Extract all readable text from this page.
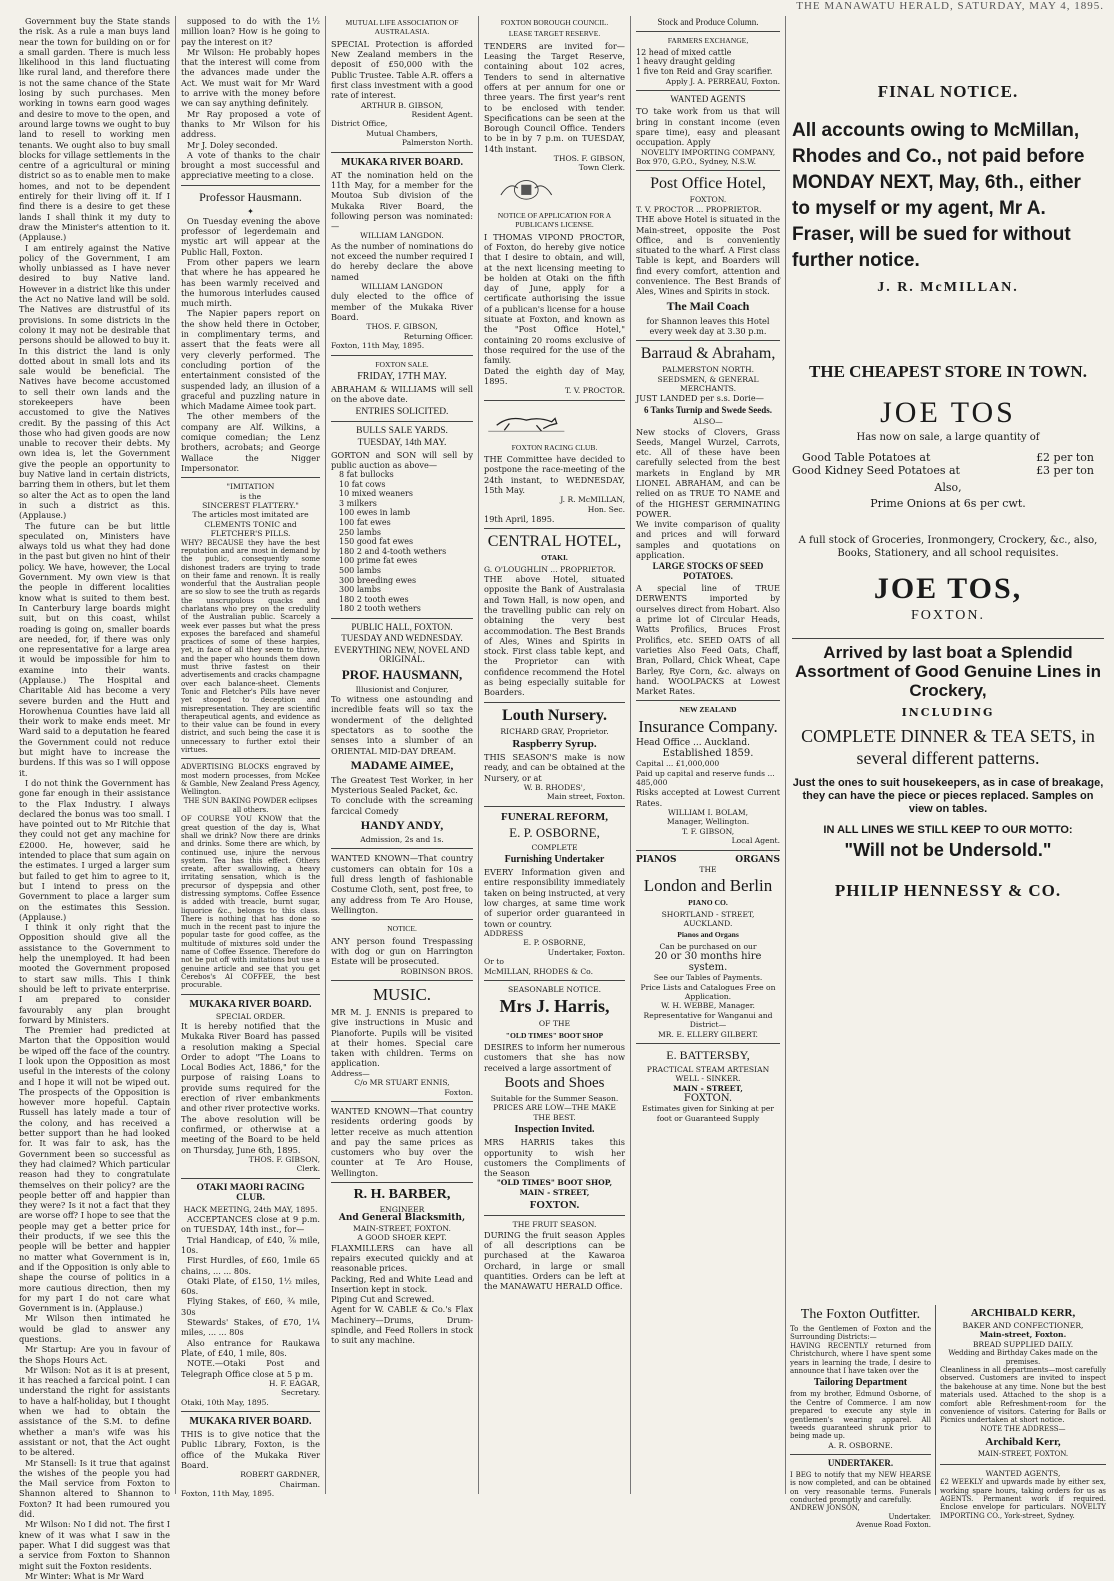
THE MANAWATU HERALD, SATURDAY, MAY 4, 1895.

Government buy the State stands the risk. As a rule a man buys land near the town for building on or for a small garden. There is much less likelihood in this land fluctuating like rural land, and therefore there is not the same chance of the State losing by such purchases. Men working in towns earn good wages and desire to move to the open, and around large towns we ought to buy land to resell to working men tenants. We ought also to buy small blocks for village settlements in the centre of a agricultural or mining district so as to enable men to make homes, and not to be dependent entirely for their living off it. If I find there is a desire to get these lands I shall think it my duty to draw the Minister's attention to it. (Applause.)

I am entirely against the Native policy of the Government, I am wholly unbiassed as I have never desired to buy Native land. However in a district like this under the Act no Native land will be sold. The Natives are distrustful of its provisions. In some districts in the colony it may not be desirable that persons should be allowed to buy it. In this district the land is only dotted about in small lots and its sale would be beneficial. The Natives have become accustomed to sell their own lands and the storekeepers have been accustomed to give the Natives credit. By the passing of this Act those who had given goods are now unable to recover their debts. My own idea is, let the Government give the people an opportunity to buy Native land in certain districts, barring them in others, but let them so alter the Act as to open the land in such a district as this. (Applause.)

The future can be but little speculated on, Ministers have always told us what they had done in the past but given no hint of their policy. We have, however, the Local Government. My own view is that the people in different localities know what is suited to them best. In Canterbury large boards might suit, but on this coast, whilst roading is going on, smaller boards are needed, for, if there was only one representative for a large area it would be impossible for him to examine into their wants. (Applause.) The Hospital and Charitable Aid has become a very severe burden and the Hutt and Horowhenua Counties have laid all their work to make ends meet. Mr Ward said to a deputation he feared the Government could not reduce but might have to increase the burdens. If this was so I will oppose it.

I do not think the Government has gone far enough in their assistance to the Flax Industry. I always declared the bonus was too small. I have pointed out to Mr Ritchie that they could not get any machine for £2000. He, however, said he intended to place that sum again on the estimates. I urged a larger sum but failed to get him to agree to it, but I intend to press on the Government to place a larger sum on the estimates this Session. (Applause.)

I think it only right that the Opposition should give all the assistance to the Government to help the unemployed. It had been mooted the Government proposed to start saw mills. This I think should be left to private enterprise. I am prepared to consider favourably any plan brought forward by Ministers.

The Premier had predicted at Marton that the Opposition would be wiped off the face of the country. I look upon the Opposition as most useful in the interests of the colony and I hope it will not be wiped out. The prospects of the Opposition is however more hopeful. Captain Russell has lately made a tour of the colony, and has received a better support than he had looked for. It was fair to ask, has the Government been so successful as they had claimed? Which particular reason had they to congratulate themselves on their policy? are the people better off and happier than they were? Is it not a fact that they are worse off? I hope to see that the people may get a better price for their products, if we see this the people will be better and happier no matter what Government is in, and if the Opposition is only able to shape the course of politics in a more cautious direction, then my for my part I do not care what Government is in. (Applause.)

Mr Wilson then intimated he would be glad to answer any questions.

Mr Startup: Are you in favour of the Shops Hours Act.

Mr Wilson: Not as it is at present, it has reached a farcical point. I can understand the right for assistants to have a half-holiday, but I thought when we had to obtain the assistance of the S.M. to define whether a man's wife was his assistant or not, that the Act ought to be altered.

Mr Stansell: Is it true that against the wishes of the people you had the Mail service from Foxton to Shannon altered to Shannon to Foxton? It had been rumoured you did.

Mr Wilson: No I did not. The first I knew of it was what I saw in the paper. What I did suggest was that a service from Foxton to Shannon might suit the Foxton residents.

Mr Winter: What is Mr Ward

supposed to do with the 1½ million loan? How is he going to pay the interest on it?

Mr Wilson: He probably hopes that the interest will come from the advances made under the Act. We must wait for Mr Ward to arrive with the money before we can say anything definitely.

Mr Ray proposed a vote of thanks to Mr Wilson for his address.

Mr J. Doley seconded.

A vote of thanks to the chair brought a most successful and appreciative meeting to a close.

Professor Hausmann.
✦

On Tuesday evening the above professor of legerdemain and mystic art will appear at the Public Hall, Foxton.

From other papers we learn that where he has appeared he has been warmly received and the humorous interludes caused much mirth.

The Napier papers report on the show held there in October, in complimentary terms, and assert that the feats were all very cleverly performed. The concluding portion of the entertainment consisted of the suspended lady, an illusion of a graceful and puzzling nature in which Madame Aimee took part.

The other members of the company are Alf. Wilkins, a comique comedian; the Lenz brothers, acrobats; and George Wallace the Nigger Impersonator.

"IMITATION
is the
SINCEREST FLATTERY."
The articles most imitated are
CLEMENTS TONIC and
FLETCHER'S PILLS.
WHY? BECAUSE they have the best reputation and are most in demand by the public, consequently some dishonest traders are trying to trade on their fame and renown. It is really wonderful that the Australian people are so slow to see the truth as regards the unscrupulous quacks and charlatans who prey on the credulity of the Australian public. Scarcely a week ever passes but what the press exposes the barefaced and shameful practices of some of these harpies, yet, in face of all they seem to thrive, and the paper who hounds them down must thrive fastest on their advertisements and cracks champagne over each balance-sheet. Clements Tonic and Fletcher's Pills have never yet stooped to deception and misrepresentation. They are scientific therapeutical agents, and evidence as to their value can be found in every district, and such being the case it is unnecessary to further extol their virtues.
ADVERTISING BLOCKS engraved by most modern processes, from McKee & Gamble, New Zealand Press Agency, Wellington.
THE SUN BAKING POWDER eclipses all others.
OF COURSE YOU KNOW that the great question of the day is, What shall we drink? Now there are drinks and drinks. Some there are which, by continued use, injure the nervous system. Tea has this effect. Others create, after swallowing, a heavy irritating sensation, which is the precursor of dyspepsia and other distressing symptoms. Coffee Essence is added with treacle, burnt sugar, liquorice &c., belongs to this class. There is nothing that has done so much in the recent past to injure the popular taste for good coffee, as the multitude of mixtures sold under the name of Coffee Essence. Therefore do not be put off with imitations but use a genuine article and see that you get Cerebos's AI COFFEE, the best procurable.
MUKAKA RIVER BOARD.
SPECIAL ORDER.
It is hereby notified that the Mukaka River Board has passed a resolution making a Special Order to adopt "The Loans to Local Bodies Act, 1886," for the purpose of raising Loans to provide sums required for the erection of river embankments and other river protective works. The above resolution will be confirmed, or otherwise at a meeting of the Board to be held on Thursday, June 6th, 1895.
THOS. F. GIBSON,
Clerk.
OTAKI MAORI RACING CLUB.
HACK MEETING, 24th MAY, 1895.

ACCEPTANCES close at 9 p.m. on TUESDAY, 14th inst., for—

Trial Handicap, of £40, ⅞ mile, 10s.

First Hurdles, of £60, 1mile 65 chains, ... ... 80s.

Otaki Plate, of £150, 1½ miles, 60s.

Flying Stakes, of £60, ¾ mile, 30s

Stewards' Stakes, of £70, 1¼ miles, ... ... 80s

Also entrance for Raukawa Plate, of £40, 1 mile, 80s.

NOTE.—Otaki Post and Telegraph Office close at 5 p m.

H. F. EAGAR,
Secretary.
Otaki, 10th May, 1895.
MUKAKA RIVER BOARD.
THIS is to give notice that the Public Library, Foxton, is the office of the Mukaka River Board.
ROBERT GARDNER,
Chairman.
Foxton, 11th May, 1895.
MUTUAL LIFE ASSOCIATION OF AUSTRALASIA.
SPECIAL Protection is afforded New Zealand members in the deposit of £50,000 with the Public Trustee. Table A.R. offers a first class investment with a good rate of interest.
ARTHUR B. GIBSON,
Resident Agent.
District Office,
Mutual Chambers,
Palmerston North.
MUKAKA RIVER BOARD.
AT the nomination held on the 11th May, for a member for the Moutoa Sub division of the Mukaka River Board, the following person was nominated:—
WILLIAM LANGDON.
As the number of nominations do not exceed the number required I do hereby declare the above named
WILLIAM LANGDON
duly elected to the office of member of the Mukaka River Board.
THOS. F. GIBSON,
Returning Officer.
Foxton, 11th May, 1895.
FOXTON SALE.
FRIDAY, 17TH MAY.
ABRAHAM & WILLIAMS will sell on the above date.
ENTRIES SOLICITED.
BULLS SALE YARDS.
TUESDAY, 14th MAY.
GORTON and SON will sell by public auction as above—
8 fat bullocks
10 fat cows
10 mixed weaners
3 milkers
100 ewes in lamb
100 fat ewes
250 lambs
150 good fat ewes
180 2 and 4-tooth wethers
100 prime fat ewes
500 lambs
300 breeding ewes
300 lambs
180 2 tooth ewes
180 2 tooth wethers
PUBLIC HALL, FOXTON.
TUESDAY AND WEDNESDAY.
EVERYTHING NEW, NOVEL AND ORIGINAL.
PROF. HAUSMANN,
Illusionist and Conjurer,
To witness one astounding and incredible feats will so tax the wonderment of the delighted spectators as to soothe the senses into a slumber of an ORIENTAL MID-DAY DREAM.
MADAME AIMEE,
The Greatest Test Worker, in her Mysterious Sealed Packet, &c.
To conclude with the screaming farcical Comedy
HANDY ANDY,
Admission, 2s and 1s.
WANTED KNOWN—That country customers can obtain for 10s a full dress length of fashionable Costume Cloth, sent, post free, to any address from Te Aro House, Wellington.
NOTICE.
ANY person found Trespassing with dog or gun on Harrington Estate will be prosecuted.
ROBINSON BROS.
MUSIC.
MR M. J. ENNIS is prepared to give instructions in Music and Pianoforte. Pupils will be visited at their homes. Special care taken with children. Terms on application.
Address—
C/o MR STUART ENNIS,
Foxton.
WANTED KNOWN—That country residents ordering goods by letter receive as much attention and pay the same prices as customers who buy over the counter at Te Aro House, Wellington.
R. H. BARBER,
ENGINEER
And General Blacksmith,
MAIN-STREET, FOXTON.
A GOOD SHOER KEPT.
FLAXMILLERS can have all repairs executed quickly and at reasonable prices.
Packing, Red and White Lead and Insertion kept in stock.
Piping Cut and Screwed.
Agent for W. CABLE & Co.'s Flax Machinery—Drums, Drum-spindle, and Feed Rollers in stock to suit any machine.
FOXTON BOROUGH COUNCIL.
LEASE TARGET RESERVE.
TENDERS are invited for—Leasing the Target Reserve, containing about 102 acres, Tenders to send in alternative offers at per annum for one or three years. The first year's rent to be enclosed with tender. Specifications can be seen at the Borough Council Office. Tenders to be in by 7 p.m. on TUESDAY, 14th instant.
THOS. F. GIBSON,
Town Clerk.
NOTICE OF APPLICATION FOR A PUBLICAN'S LICENSE.
I THOMAS VIPOND PROCTOR, of Foxton, do hereby give notice that I desire to obtain, and will, at the next licensing meeting to be holden at Otaki on the fifth day of June, apply for a certificate authorising the issue of a publican's license for a house situate at Foxton, and known as the "Post Office Hotel," containing 20 rooms exclusive of those required for the use of the family.
Dated the eighth day of May, 1895.
T. V. PROCTOR.
FOXTON RACING CLUB.
THE Committee have decided to postpone the race-meeting of the 24th instant, to WEDNESDAY, 15th May.
J. R. McMILLAN,
Hon. Sec.
19th April, 1895.
CENTRAL HOTEL,
OTAKI.
G. O'LOUGHLIN ... PROPRIETOR.
THE above Hotel, situated opposite the Bank of Australasia and Town Hall, is now open, and the travelling public can rely on obtaining the very best accommodation. The Best Brands of Ales, Wines and Spirits in stock. First class table kept, and the Proprietor can with confidence recommend the Hotel as being especially suitable for Boarders.
Louth Nursery.
RICHARD GRAY, Proprietor.
Raspberry Syrup.
THIS SEASON'S make is now ready, and can be obtained at the Nursery, or at
W. B. RHODES',
Main street, Foxton.
FUNERAL REFORM,
E. P. OSBORNE,
COMPLETE
Furnishing Undertaker
EVERY Information given and entire responsibility immediately taken on being instructed, at very low charges, at same time work of superior order guaranteed in town or country.
ADDRESS
E. P. OSBORNE,
Undertaker, Foxton.
Or to
McMILLAN, RHODES & Co.
SEASONABLE NOTICE.
Mrs J. Harris,
OF THE
"OLD TIMES" BOOT SHOP
DESIRES to inform her numerous customers that she has now received a large assortment of
Boots and Shoes
Suitable for the Summer Season.
PRICES ARE LOW—THE MAKE THE BEST.
Inspection Invited.
MRS HARRIS takes this opportunity to wish her customers the Compliments of the Season
"OLD TIMES" BOOT SHOP,
MAIN - STREET,
FOXTON.
THE FRUIT SEASON.
DURING the fruit season Apples of all descriptions can be purchased at the Kawaroa Orchard, in large or small quantities. Orders can be left at the MANAWATU HERALD Office.
Stock and Produce Column.
FARMERS EXCHANGE,
12 head of mixed cattle
1 heavy draught gelding
1 five ton Reid and Gray scarifier.
Apply J. A. PERREAU, Foxton.
WANTED AGENTS
TO take work from us that will bring in constant income (even spare time), easy and pleasant occupation. Apply
NOVELTY IMPORTING COMPANY,
Box 970, G.P.O., Sydney, N.S.W.
Post Office Hotel,
FOXTON.
T. V. PROCTOR ... PROPRIETOR.
THE above Hotel is situated in the Main-street, opposite the Post Office, and is conveniently situated to the wharf. A First class Table is kept, and Boarders will find every comfort, attention and convenience. The Best Brands of Ales, Wines and Spirits in stock.
The Mail Coach
for Shannon leaves this Hotel every week day at 3.30 p.m.
Barraud & Abraham,
PALMERSTON NORTH.
SEEDSMEN, & GENERAL MERCHANTS.
JUST LANDED per s.s. Dorie—
6 Tanks Turnip and Swede Seeds.
ALSO—
New stocks of Clovers, Grass Seeds, Mangel Wurzel, Carrots, etc. All of these have been carefully selected from the best markets in England by MR LIONEL ABRAHAM, and can be relied on as TRUE TO NAME and of the HIGHEST GERMINATING POWER.
We invite comparison of quality and prices and will forward samples and quotations on application.
LARGE STOCKS OF SEED POTATOES.
A special line of TRUE DERWENTS imported by ourselves direct from Hobart. Also a prime lot of Circular Heads, Watts Profilics, Bruces Frost Prolifics, etc. SEED OATS of all varieties Also Feed Oats, Chaff, Bran, Pollard, Chick Wheat, Cape Barley, Rye Corn, &c. always on hand. WOOLPACKS at Lowest Market Rates.
NEW ZEALAND
Insurance Company.
Head Office ... Auckland.
Established 1859.
Capital ... £1,000,000
Paid up capital and reserve funds ... 485,000
Risks accepted at Lowest Current Rates.
WILLIAM I. BOLAM,
Manager, Wellington.
T. F. GIBSON,
Local Agent.
PIANOS	ORGANS
THE
London and Berlin
PIANO CO.
SHORTLAND - STREET,
AUCKLAND.
Pianos and Organs
Can be purchased on our
20 or 30 months hire system.
See our Tables of Payments.
Price Lists and Catalogues Free on Application.
W. H. WEBBE, Manager.
Representative for Wanganui and District—
MR. E. ELLERY GILBERT.
E. BATTERSBY,
PRACTICAL STEAM ARTESIAN WELL - SINKER.
MAIN - STREET,
FOXTON.
Estimates given for Sinking at per foot or Guaranteed Supply
FINAL NOTICE.
All accounts owing to McMillan, Rhodes and Co., not paid before MONDAY NEXT, May, 6th., either to myself or my agent, Mr A. Fraser, will be sued for without further notice.
J. R. McMILLAN.
THE CHEAPEST STORE IN TOWN.
JOE TOS
Has now on sale, a large quantity of
Good Table Potatoes at	£2 per ton
Good Kidney Seed Potatoes at	£3 per ton
Also,
Prime Onions at 6s per cwt.
A full stock of Groceries, Ironmongery, Crockery, &c., also, Books, Stationery, and all school requisites.
JOE TOS,
FOXTON.
Arrived by last boat a Splendid Assortment of Good Genuine Lines in Crockery,
INCLUDING
COMPLETE DINNER & TEA SETS, in several different patterns.
Just the ones to suit housekeepers, as in case of breakage, they can have the piece or pieces replaced. Samples on view on tables.
IN ALL LINES WE STILL KEEP TO OUR MOTTO:
"Will not be Undersold."
PHILIP HENNESSY & CO.
The Foxton Outfitter.
To the Gentlemen of Foxton and the Surrounding Districts:—
HAVING RECENTLY returned from Christchurch, where I have spent some years in learning the trade, I desire to announce that I have taken over the
Tailoring Department
from my brother, Edmund Osborne, of the Centre of Commerce. I am now prepared to execute any style in gentlemen's wearing apparel. All tweeds guaranteed shrunk prior to being made up.
A. R. OSBORNE.
UNDERTAKER.
I BEG to notify that my NEW HEARSE is now completed, and can be obtained on very reasonable terms. Funerals conducted promptly and carefully.
ANDREW JONSON,
Undertaker.
Avenue Road Foxton.
ARCHIBALD KERR,
BAKER AND CONFECTIONER,
Main-street, Foxton.
BREAD SUPPLIED DAILY.
Wedding and Birthday Cakes made on the premises.
Cleanliness in all departments—most carefully observed. Customers are invited to inspect the bakehouse at any time. None but the best materials used. Attached to the shop is a comfort able Refreshment-room for the convenience of visitors. Catering for Balls or Picnics undertaken at short notice.
NOTE THE ADDRESS—
Archibald Kerr,
MAIN-STREET, FOXTON.
WANTED AGENTS,
£2 WEEKLY and upwards made by either sex, working spare hours, taking orders for us as AGENTS. Permanent work if required. Enclose envelope for particulars. NOVELTY IMPORTING CO., York-street, Sydney.
